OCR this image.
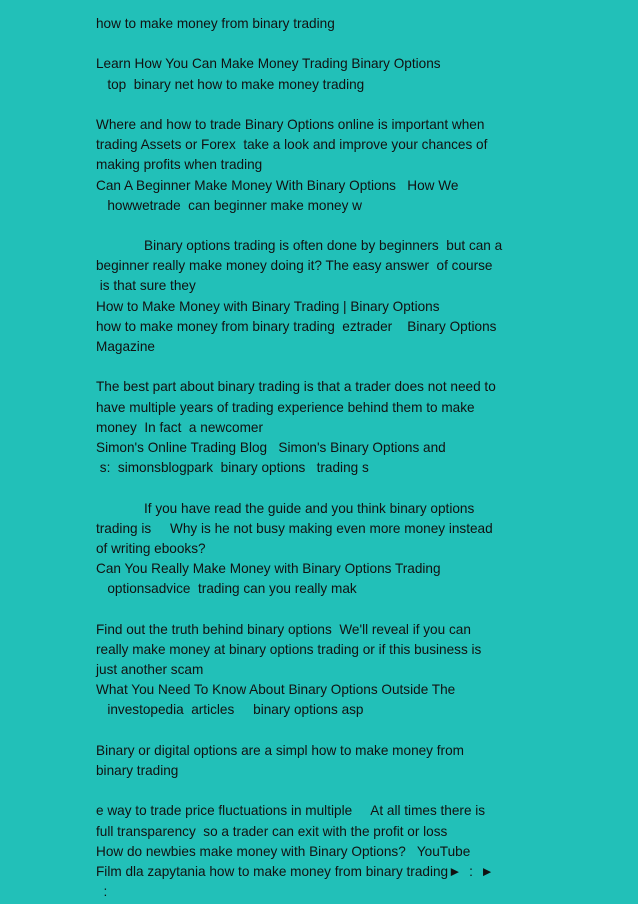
how to make money from binary trading
Learn How You Can Make Money Trading Binary Options
top  binary net how to make money trading
Where and how to trade Binary Options online is important when
trading Assets or Forex  take a look and improve your chances of
making profits when trading
Can A Beginner Make Money With Binary Options   How We
howwetrade  can beginner make money w
Binary options trading is often done by beginners  but can a
beginner really make money doing it? The easy answer  of course
is that sure they
How to Make Money with Binary Trading | Binary Options
how to make money from binary trading  eztrader    Binary Options
Magazine
The best part about binary trading is that a trader does not need to
have multiple years of trading experience behind them to make
money  In fact  a newcomer
Simon's Online Trading Blog   Simon's Binary Options and
s:  simonsblogpark  binary options   trading s
If you have read the guide and you think binary options
trading is     Why is he not busy making even more money instead
of writing ebooks?
Can You Really Make Money with Binary Options Trading
optionsadvice  trading can you really mak
Find out the truth behind binary options  We'll reveal if you can
really make money at binary options trading or if this business is
just another scam
What You Need To Know About Binary Options Outside The
investopedia  articles     binary options asp
Binary or digital options are a simpl how to make money from
binary trading
e way to trade price fluctuations in multiple     At all times there is
full transparency  so a trader can exit with the profit or loss
How do newbies make money with Binary Options?   YouTube
Film dla zapytania how to make money from binary trading►  :  ►
:
